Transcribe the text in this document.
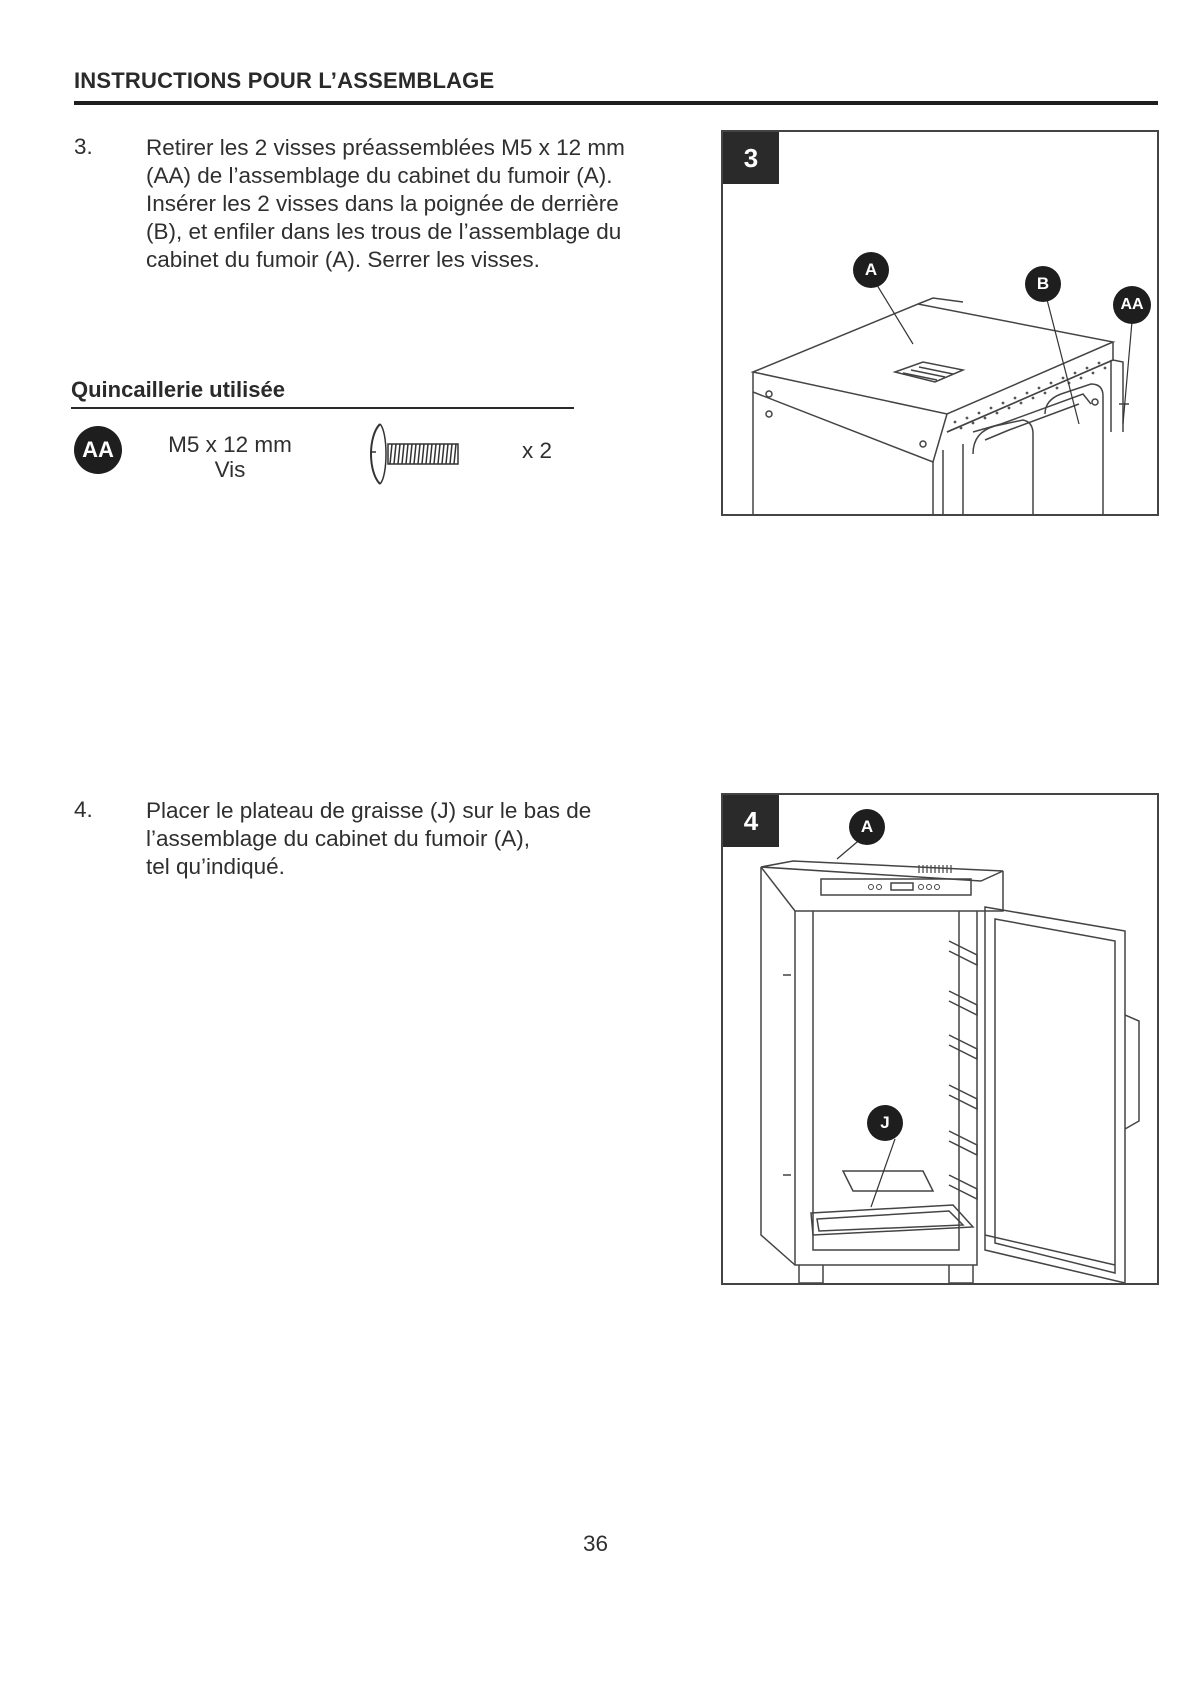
INSTRUCTIONS POUR L’ASSEMBLAGE
3. Retirer les 2 visses préassemblées M5 x 12 mm
(AA) de l’assemblage du cabinet du fumoir (A).
Insérer les 2 visses dans la poignée de derrière
(B), et enfiler dans les trous de l’assemblage du
cabinet du fumoir (A). Serrer les visses.
Quincaillerie utilisée
AA	M5 x 12 mm
Vis
x 2
3
A
B
AA
4. Placer le plateau de graisse (J) sur le bas de
l’assemblage du cabinet du fumoir (A),
tel qu’indiqué.
4	A
J
36
